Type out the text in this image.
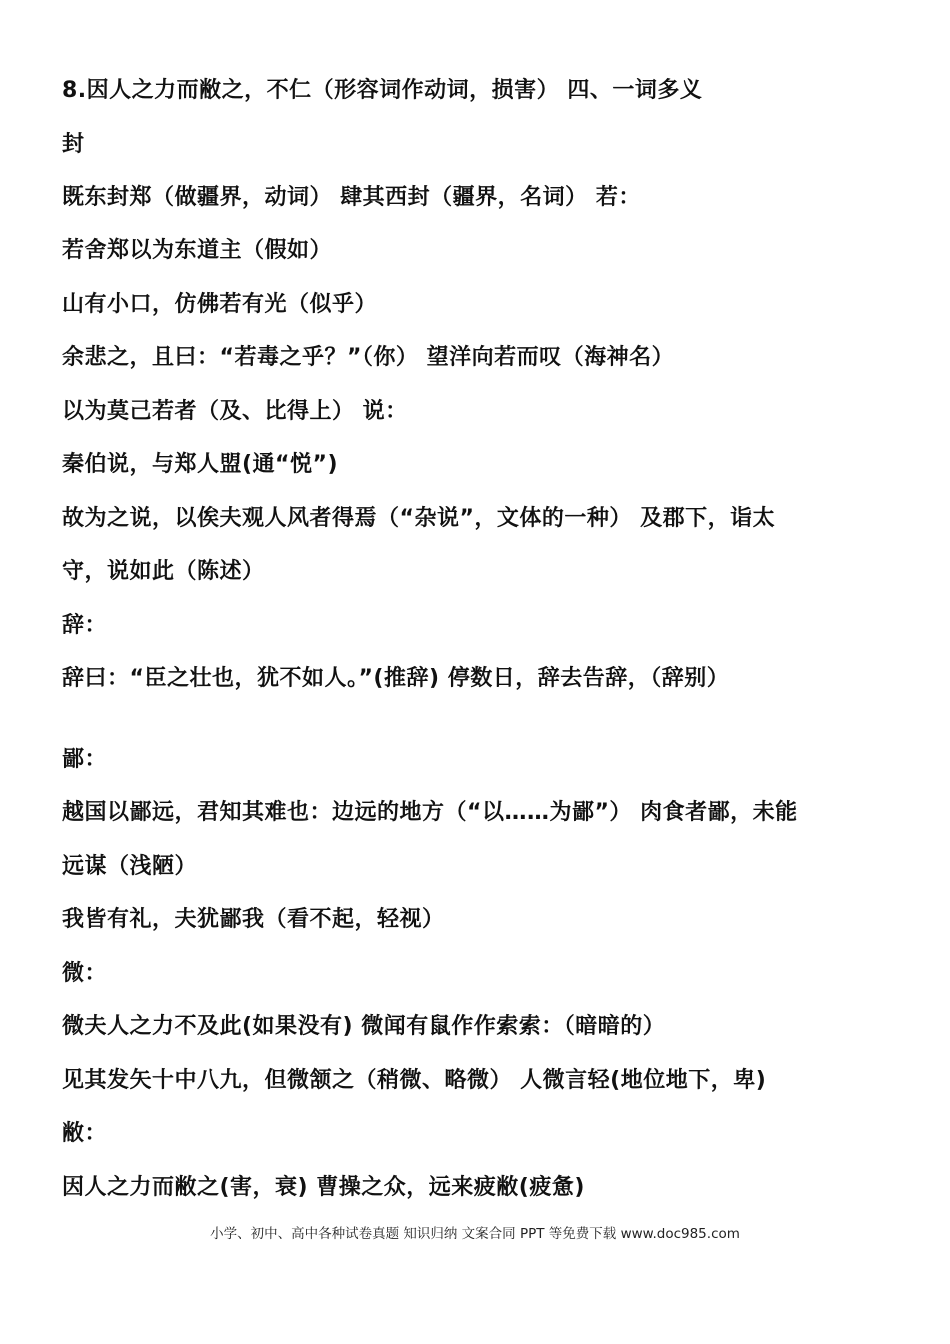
8.因人之力而敝之，不仁（形容词作动词，损害） 四、一词多义
封
既东封郑（做疆界，动词） 肆其西封（疆界，名词） 若：
若舍郑以为东道主（假如）
山有小口，仿佛若有光（似乎）
余悲之，且曰：“若毒之乎？”（你） 望洋向若而叹（海神名）
以为莫己若者（及、比得上） 说：
秦伯说，与郑人盟(通“悦”)
故为之说，以俟夫观人风者得焉（“杂说”，文体的一种） 及郡下，诣太
守，说如此（陈述）
辞：
辞曰：“臣之壮也，犹不如人。”(推辞) 停数日，辞去告辞，（辞别）
鄙：
越国以鄙远，君知其难也：边远的地方（“以……为鄙”） 肉食者鄙，未能
远谋（浅陋）
我皆有礼，夫犹鄙我（看不起，轻视）
微：
微夫人之力不及此(如果没有) 微闻有鼠作作索索：（暗暗的）
见其发矢十中八九，但微颔之（稍微、略微） 人微言轻(地位地下，卑)
敝：
因人之力而敝之(害，衰) 曹操之众，远来疲敝(疲惫)
小学、初中、高中各种试卷真题 知识归纳 文案合同 PPT 等免费下载 www.doc985.com
